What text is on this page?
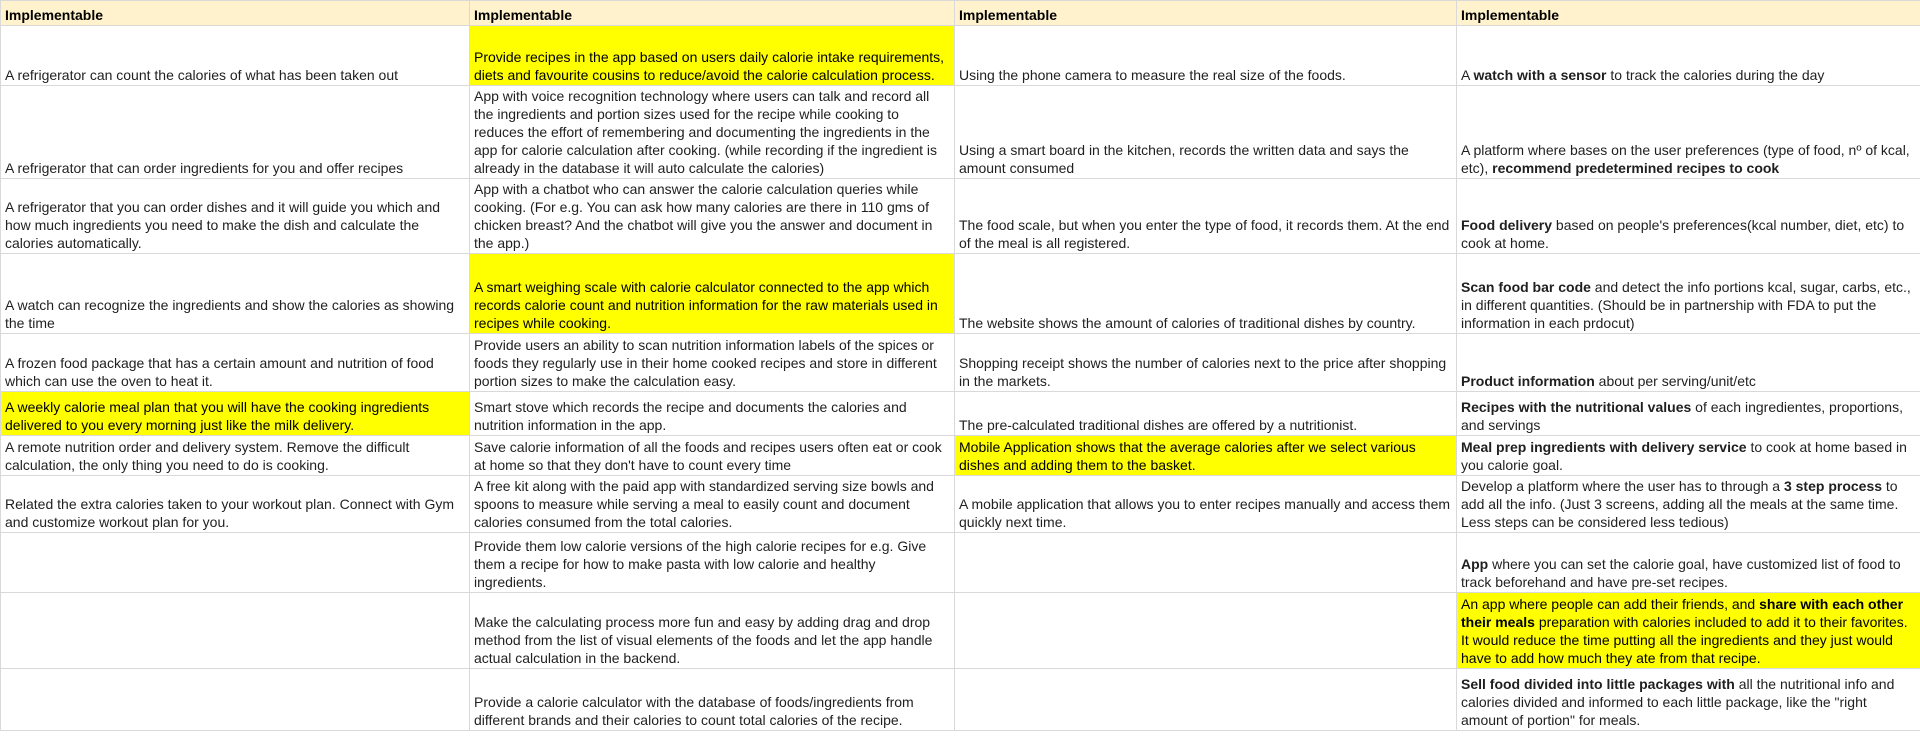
Implementable	Implementable	Implementable	Implementable

A refrigerator can count the calories of what has been taken out	Provide recipes in the app based on users daily calorie intake requirements, diets and favourite cousins to reduce/avoid the calorie calculation process.	Using the phone camera to measure the real size of the foods.	A watch with a sensor to track the calories during the day

A refrigerator that can order ingredients for you and offer recipes	App with voice recognition technology where users can talk and record all the ingredients and portion sizes used for the recipe while cooking to reduces the effort of remembering and documenting the ingredients in the app for calorie calculation after cooking. (while recording if the ingredient is already in the database it will auto calculate the calories)	Using a smart board in the kitchen, records the written data and says the amount consumed	A platform where bases on the user preferences (type of food, nº of kcal, etc), recommend predetermined recipes to cook

A refrigerator that you can order dishes and it will guide you which and how much ingredients you need to make the dish and calculate the calories automatically.	App with a chatbot who can answer the calorie calculation queries while cooking. (For e.g. You can ask how many calories are there in 110 gms of chicken breast? And the chatbot will give you the answer and document in the app.)	The food scale, but when you enter the type of food, it records them. At the end of the meal is all registered.	Food delivery based on people's preferences(kcal number, diet, etc) to cook at home.

A watch can recognize the ingredients and show the calories as showing the time	A smart weighing scale with calorie calculator connected to the app which records calorie count and nutrition information for the raw materials used in recipes while cooking.	The website shows the amount of calories of traditional dishes by country.	Scan food bar code and detect the info portions kcal, sugar, carbs, etc., in different quantities. (Should be in partnership with FDA to put the information in each prdocut)

A frozen food package that has a certain amount and nutrition of food which can use the oven to heat it.	Provide users an ability to scan nutrition information labels of the spices or foods they regularly use in their home cooked recipes and store in different portion sizes to make the calculation easy.	Shopping receipt shows the number of calories next to the price after shopping in the markets.	Product information about per serving/unit/etc

A weekly calorie meal plan that you will have the cooking ingredients delivered to you every morning just like the milk delivery.	Smart stove which records the recipe and documents the calories and nutrition information in the app.	The pre-calculated traditional dishes are offered by a nutritionist.	Recipes with the nutritional values of each ingredientes, proportions, and servings

A remote nutrition order and delivery system. Remove the difficult calculation, the only thing you need to do is cooking.	Save calorie information of all the foods and recipes users often eat or cook at home so that they don't have to count every time	Mobile Application shows that the average calories after we select various dishes and adding them to the basket.	Meal prep ingredients with delivery service to cook at home based in you calorie goal.

Related the extra calories taken to your workout plan. Connect with Gym and customize workout plan for you.	A free kit along with the paid app with standardized serving size bowls and spoons to measure while serving a meal to easily count and document calories consumed from the total calories.	A mobile application that allows you to enter recipes manually and access them quickly next time.	Develop a platform where the user has to through a 3 step process to add all the info. (Just 3 screens, adding all the meals at the same time. Less steps can be considered less tedious)

	Provide them low calorie versions of the high calorie recipes for e.g. Give them a recipe for how to make pasta with low calorie and healthy ingredients.		App where you can set the calorie goal, have customized list of food to track beforehand and have pre-set recipes.

	Make the calculating process more fun and easy by adding drag and drop method from the list of visual elements of the foods and let the app handle actual calculation in the backend.		An app where people can add their friends, and share with each other their meals preparation with calories included to add it to their favorites. It would reduce the time putting all the ingredients and they just would have to add how much they ate from that recipe.

	Provide a calorie calculator with the database of foods/ingredients from different brands and their calories to count total calories of the recipe.		Sell food divided into little packages with all the nutritional info and calories divided and informed to each little package, like the "right amount of portion" for meals.
